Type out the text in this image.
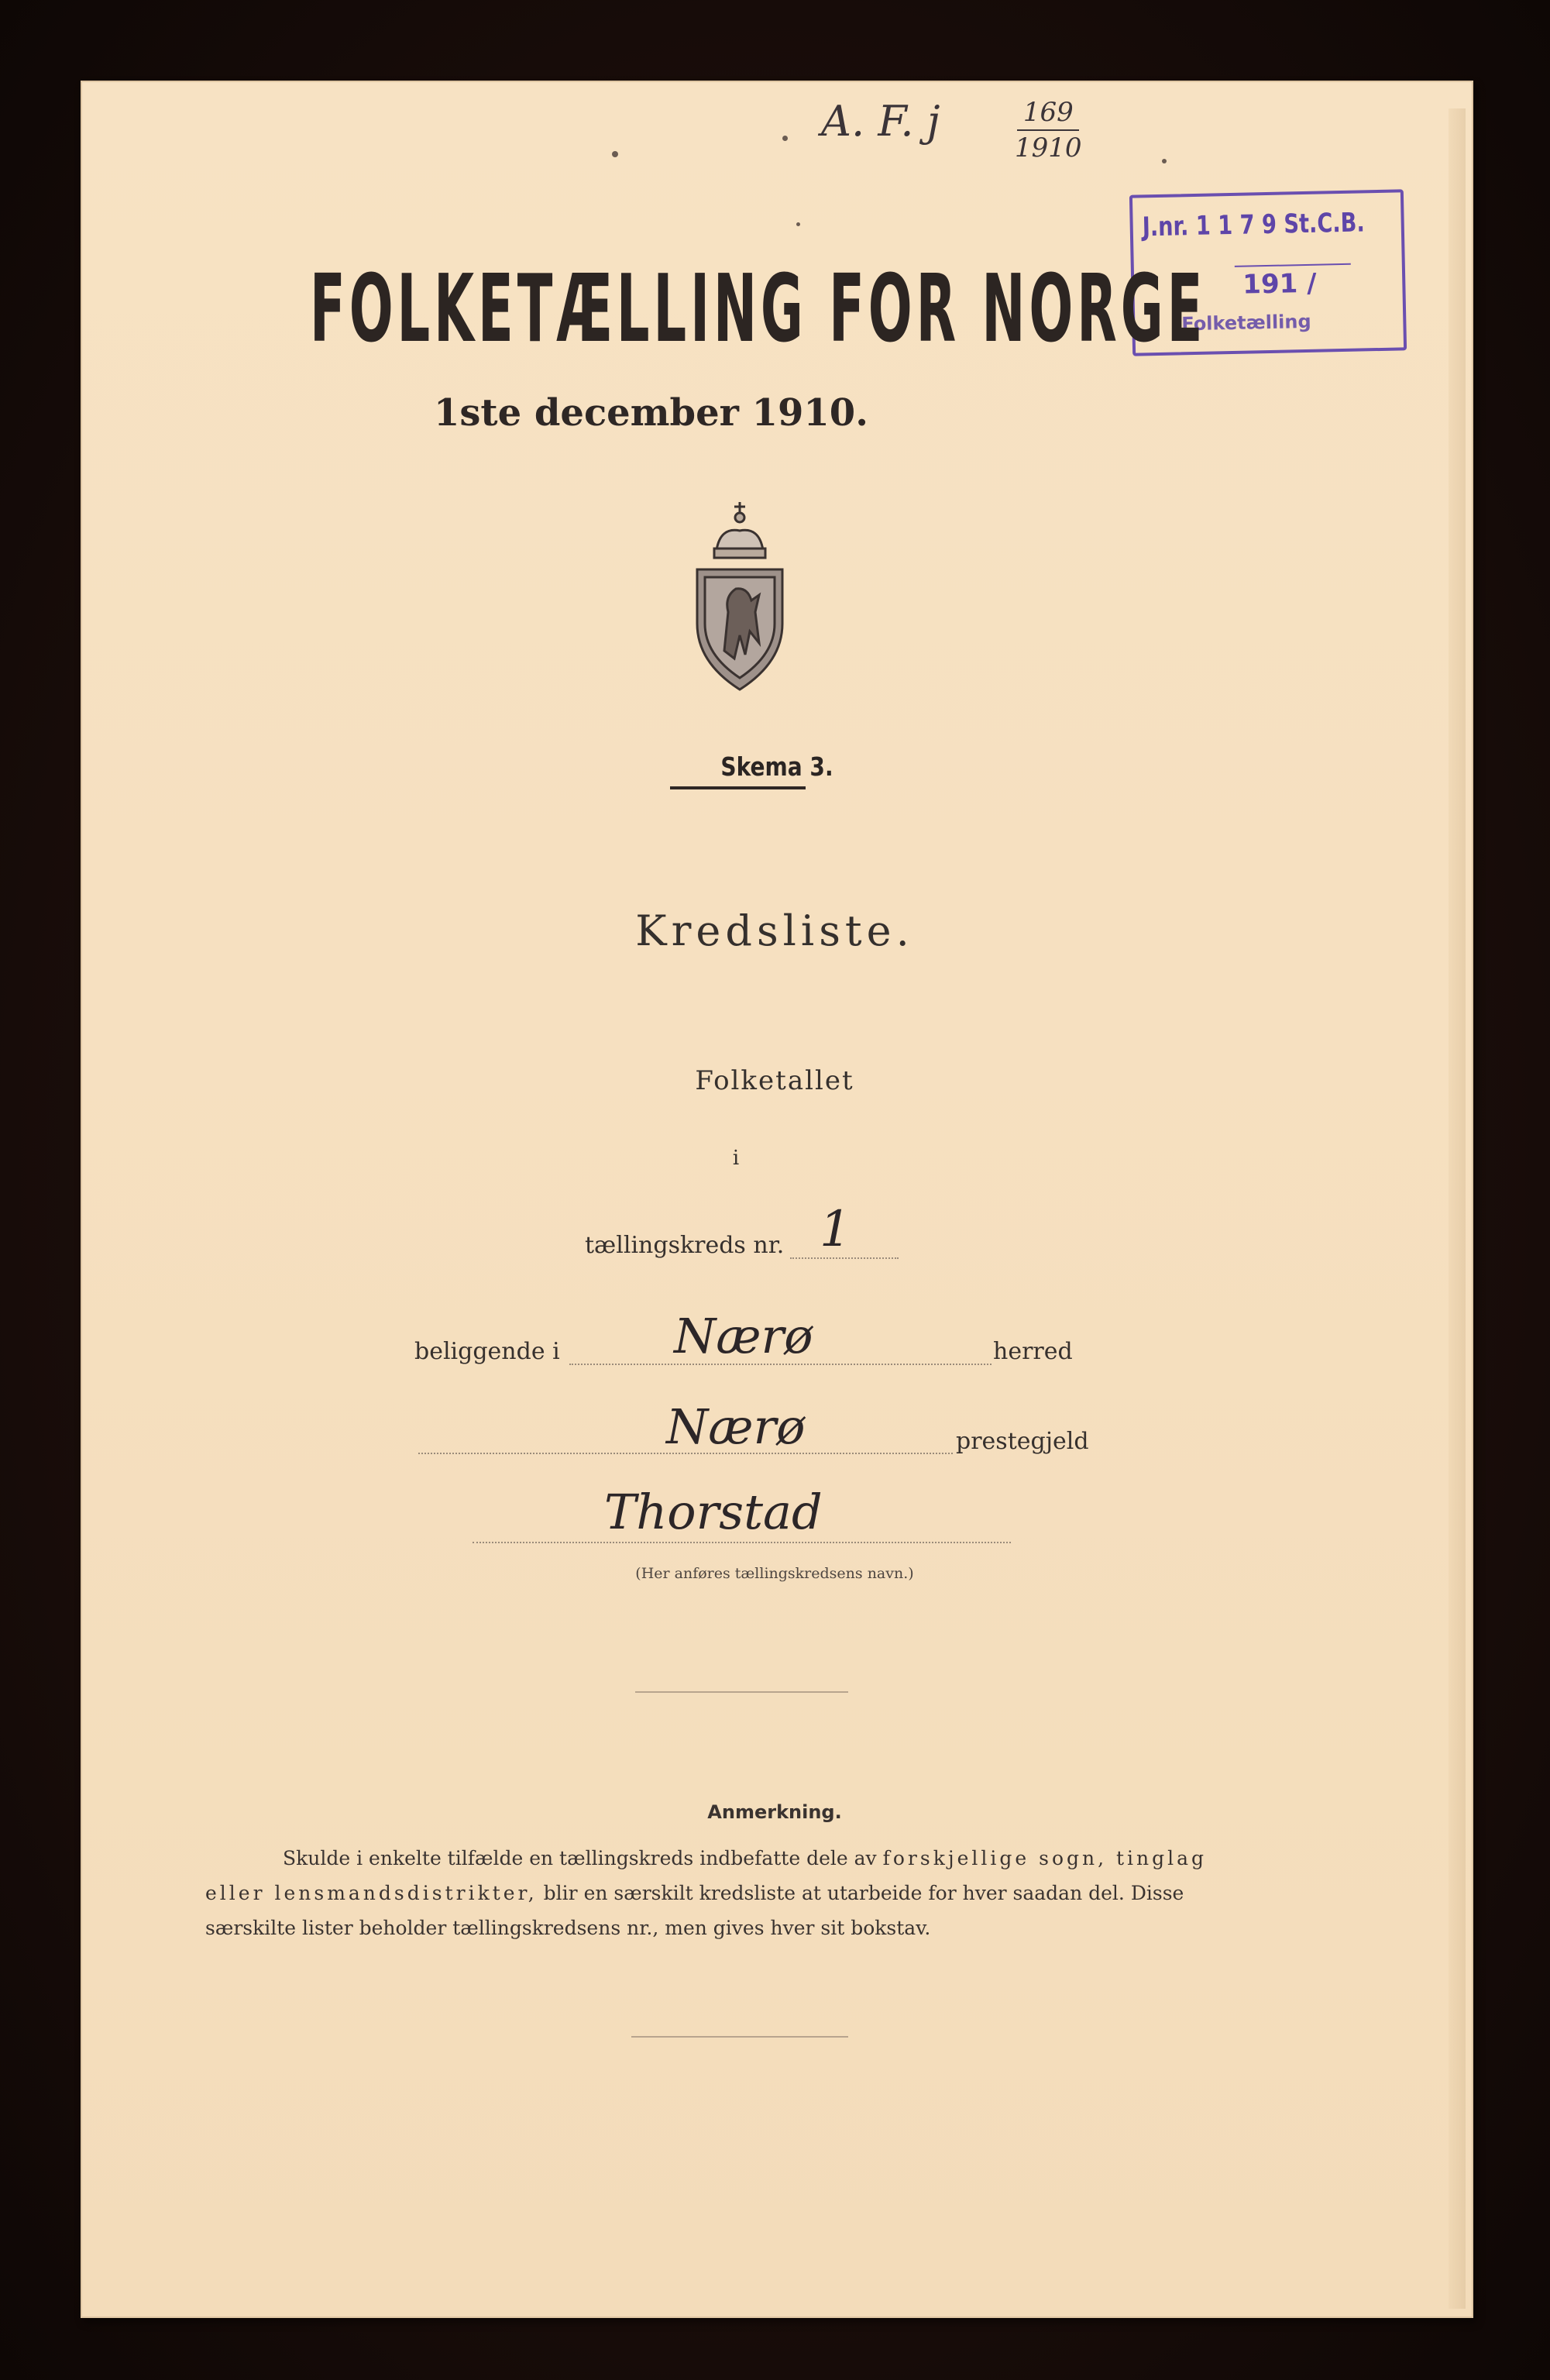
A. F. j	169
1910
J.nr. 1 1 7 9 St.C.B.
191 /
Folketælling
FOLKETÆLLING FOR NORGE
1ste december 1910.
Skema 3.
Kredsliste.
Folketallet
i
tællingskreds nr. 1
beliggende i Nærø	herred
Nærø	prestegjeld
Thorstad
(Her anføres tællingskredsens navn.)
Anmerkning.
Skulde i enkelte tilfælde en tællingskreds indbefatte dele av forskjellige sogn, tinglag
eller lensmandsdistrikter, blir en særskilt kredsliste at utarbeide for hver saadan del. Disse
særskilte lister beholder tællingskredsens nr., men gives hver sit bokstav.
